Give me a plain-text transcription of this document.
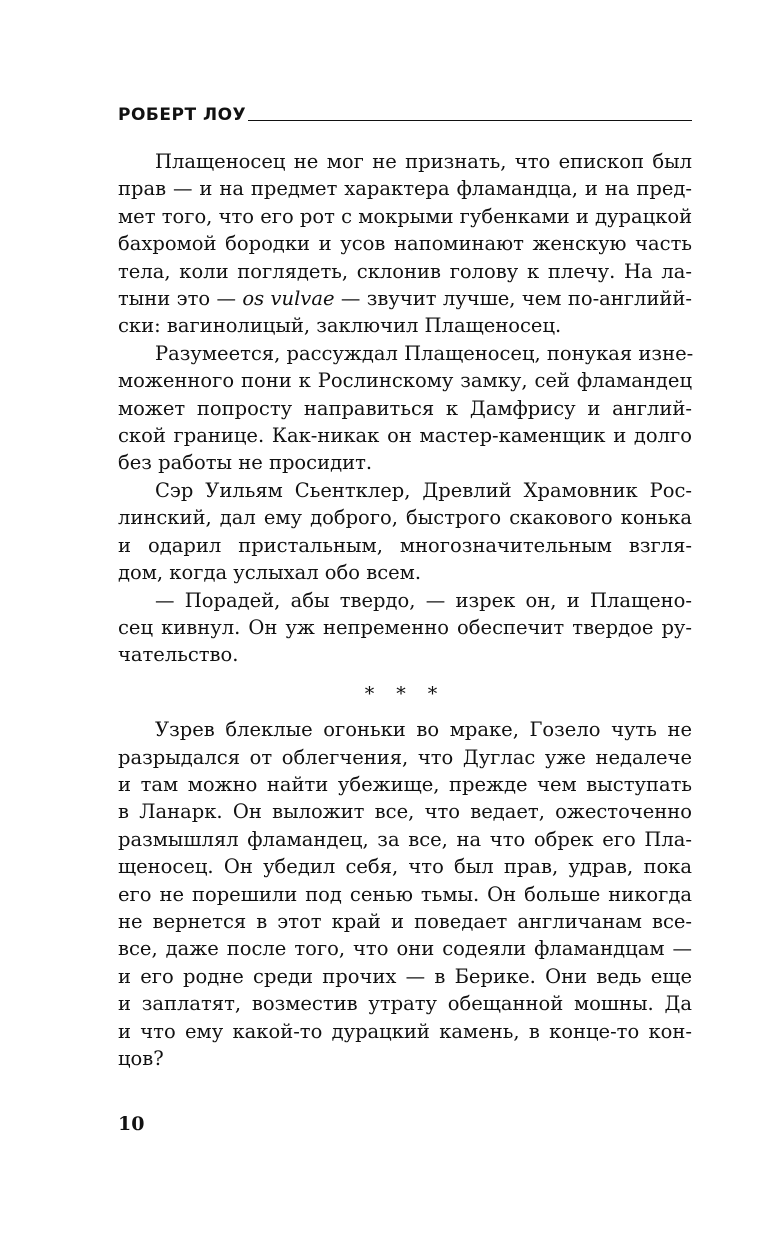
РОБЕРТ ЛОУ

Плащеносец не мог не признать, что епископ был
прав — и на предмет характера фламандца, и на пред-
мет того, что его рот с мокрыми губенками и дурацкой
бахромой бородки и усов напоминают женскую часть
тела, коли поглядеть, склонив голову к плечу. На ла-
тыни это — os vulvae — звучит лучше, чем по-английй-
ски: вагинолицый, заключил Плащеносец.

Разумеется, рассуждал Плащеносец, понукая изне-
моженного пони к Рослинскому замку, сей фламандец
может попросту направиться к Дамфрису и англий-
ской границе. Как-никак он мастер-каменщик и долго
без работы не просидит.

Сэр Уильям Сьентклер, Древлий Храмовник Рос-
линский, дал ему доброго, быстрого скакового конька
и одарил пристальным, многозначительным взгля-
дом, когда услыхал обо всем.

— Порадей, абы твердо, — изрек он, и Плащено-
сец кивнул. Он уж непременно обеспечит твердое ру-
чательство.

* * *

Узрев блеклые огоньки во мраке, Гозело чуть не
разрыдался от облегчения, что Дуглас уже недалече
и там можно найти убежище, прежде чем выступать
в Ланарк. Он выложит все, что ведает, ожесточенно
размышлял фламандец, за все, на что обрек его Пла-
щеносец. Он убедил себя, что был прав, удрав, пока
его не порешили под сенью тьмы. Он больше никогда
не вернется в этот край и поведает англичанам все-
все, даже после того, что они содеяли фламандцам —
и его родне среди прочих — в Берике. Они ведь еще
и заплатят, возместив утрату обещанной мошны. Да
и что ему какой-то дурацкий камень, в конце-то кон-
цов?

10
